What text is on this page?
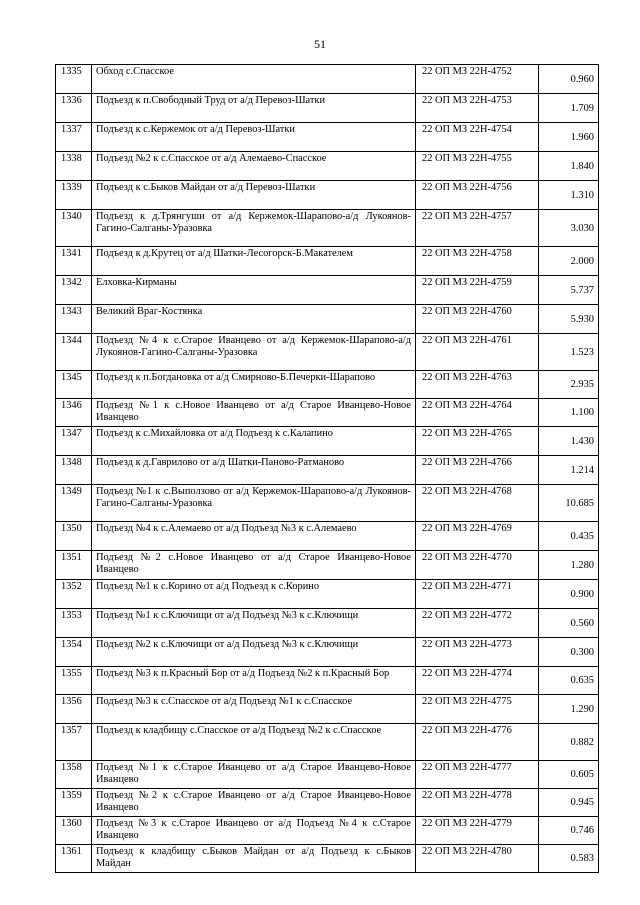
51
1335	Обход с.Спасское	22 ОП МЗ 22Н-4752	0.960
1336	Подъезд к п.Свободный Труд от а/д Перевоз-Шатки	22 ОП МЗ 22Н-4753	1.709
1337	Подъезд к с.Кержемок от а/д Перевоз-Шатки	22 ОП МЗ 22Н-4754	1.960
1338	Подъезд №2 к с.Спасское от а/д Алемаево-Спасское	22 ОП МЗ 22Н-4755	1.840
1339	Подъезд к с.Быков Майдан от а/д Перевоз-Шатки	22 ОП МЗ 22Н-4756	1.310
1340	Подъезд к д.Трянгуши от а/д Кержемок-Шарапово-а/д Лукоянов-Гагино-Салганы-Уразовка	22 ОП МЗ 22Н-4757	3.030
1341	Подъезд к д.Крутец от а/д Шатки-Лесогорск-Б.Макателем	22 ОП МЗ 22Н-4758	2.000
1342	Елховка-Кирманы	22 ОП МЗ 22Н-4759	5.737
1343	Великий Враг-Костянка	22 ОП МЗ 22Н-4760	5.930
1344	Подъезд №4 к с.Старое Иванцево от а/д Кержемок-Шарапово-а/д Лукоянов-Гагино-Салганы-Уразовка	22 ОП МЗ 22Н-4761	1.523
1345	Подъезд к п.Богдановка от а/д Смирново-Б.Печерки-Шарапово	22 ОП МЗ 22Н-4763	2.935
1346	Подъезд №1 к с.Новое Иванцево от а/д Старое Иванцево-Новое Иванцево	22 ОП МЗ 22Н-4764	1.100
1347	Подъезд к с.Михайловка от а/д Подъезд к с.Калапино	22 ОП МЗ 22Н-4765	1.430
1348	Подъезд к д.Гаврилово от а/д Шатки-Паново-Ратманово	22 ОП МЗ 22Н-4766	1.214
1349	Подъезд №1 к с.Выползово от а/д Кержемок-Шарапово-а/д Лукоянов-Гагино-Салганы-Уразовка	22 ОП МЗ 22Н-4768	10.685
1350	Подъезд №4 к с.Алемаево от а/д Подъезд №3 к с.Алемаево	22 ОП МЗ 22Н-4769	0.435
1351	Подъезд №2 с.Новое Иванцево от а/д Старое Иванцево-Новое Иванцево	22 ОП МЗ 22Н-4770	1.280
1352	Подъезд №1 к с.Корино от а/д Подъезд к с.Корино	22 ОП МЗ 22Н-4771	0.900
1353	Подъезд №1 к с.Ключищи от а/д Подъезд №3 к с.Ключищи	22 ОП МЗ 22Н-4772	0.560
1354	Подъезд №2 к с.Ключищи от а/д Подъезд №3 к с.Ключищи	22 ОП МЗ 22Н-4773	0.300
1355	Подъезд №3 к п.Красный Бор от а/д Подъезд №2 к п.Красный Бор	22 ОП МЗ 22Н-4774	0.635
1356	Подъезд №3 к с.Спасское от а/д Подъезд №1 к с.Спасское	22 ОП МЗ 22Н-4775	1.290
1357	Подъезд к кладбищу с.Спасское от а/д Подъезд №2 к с.Спасское	22 ОП МЗ 22Н-4776	0.882
1358	Подъезд №1 к с.Старое Иванцево от а/д Старое Иванцево-Новое Иванцево	22 ОП МЗ 22Н-4777	0.605
1359	Подъезд №2 к с.Старое Иванцево от а/д Старое Иванцево-Новое Иванцево	22 ОП МЗ 22Н-4778	0.945
1360	Подъезд №3 к с.Старое Иванцево от а/д Подъезд №4 к с.Старое Иванцево	22 ОП МЗ 22Н-4779	0.746
1361	Подъезд к кладбищу с.Быков Майдан от а/д Подъезд к с.Быков Майдан	22 ОП МЗ 22Н-4780	0.583
